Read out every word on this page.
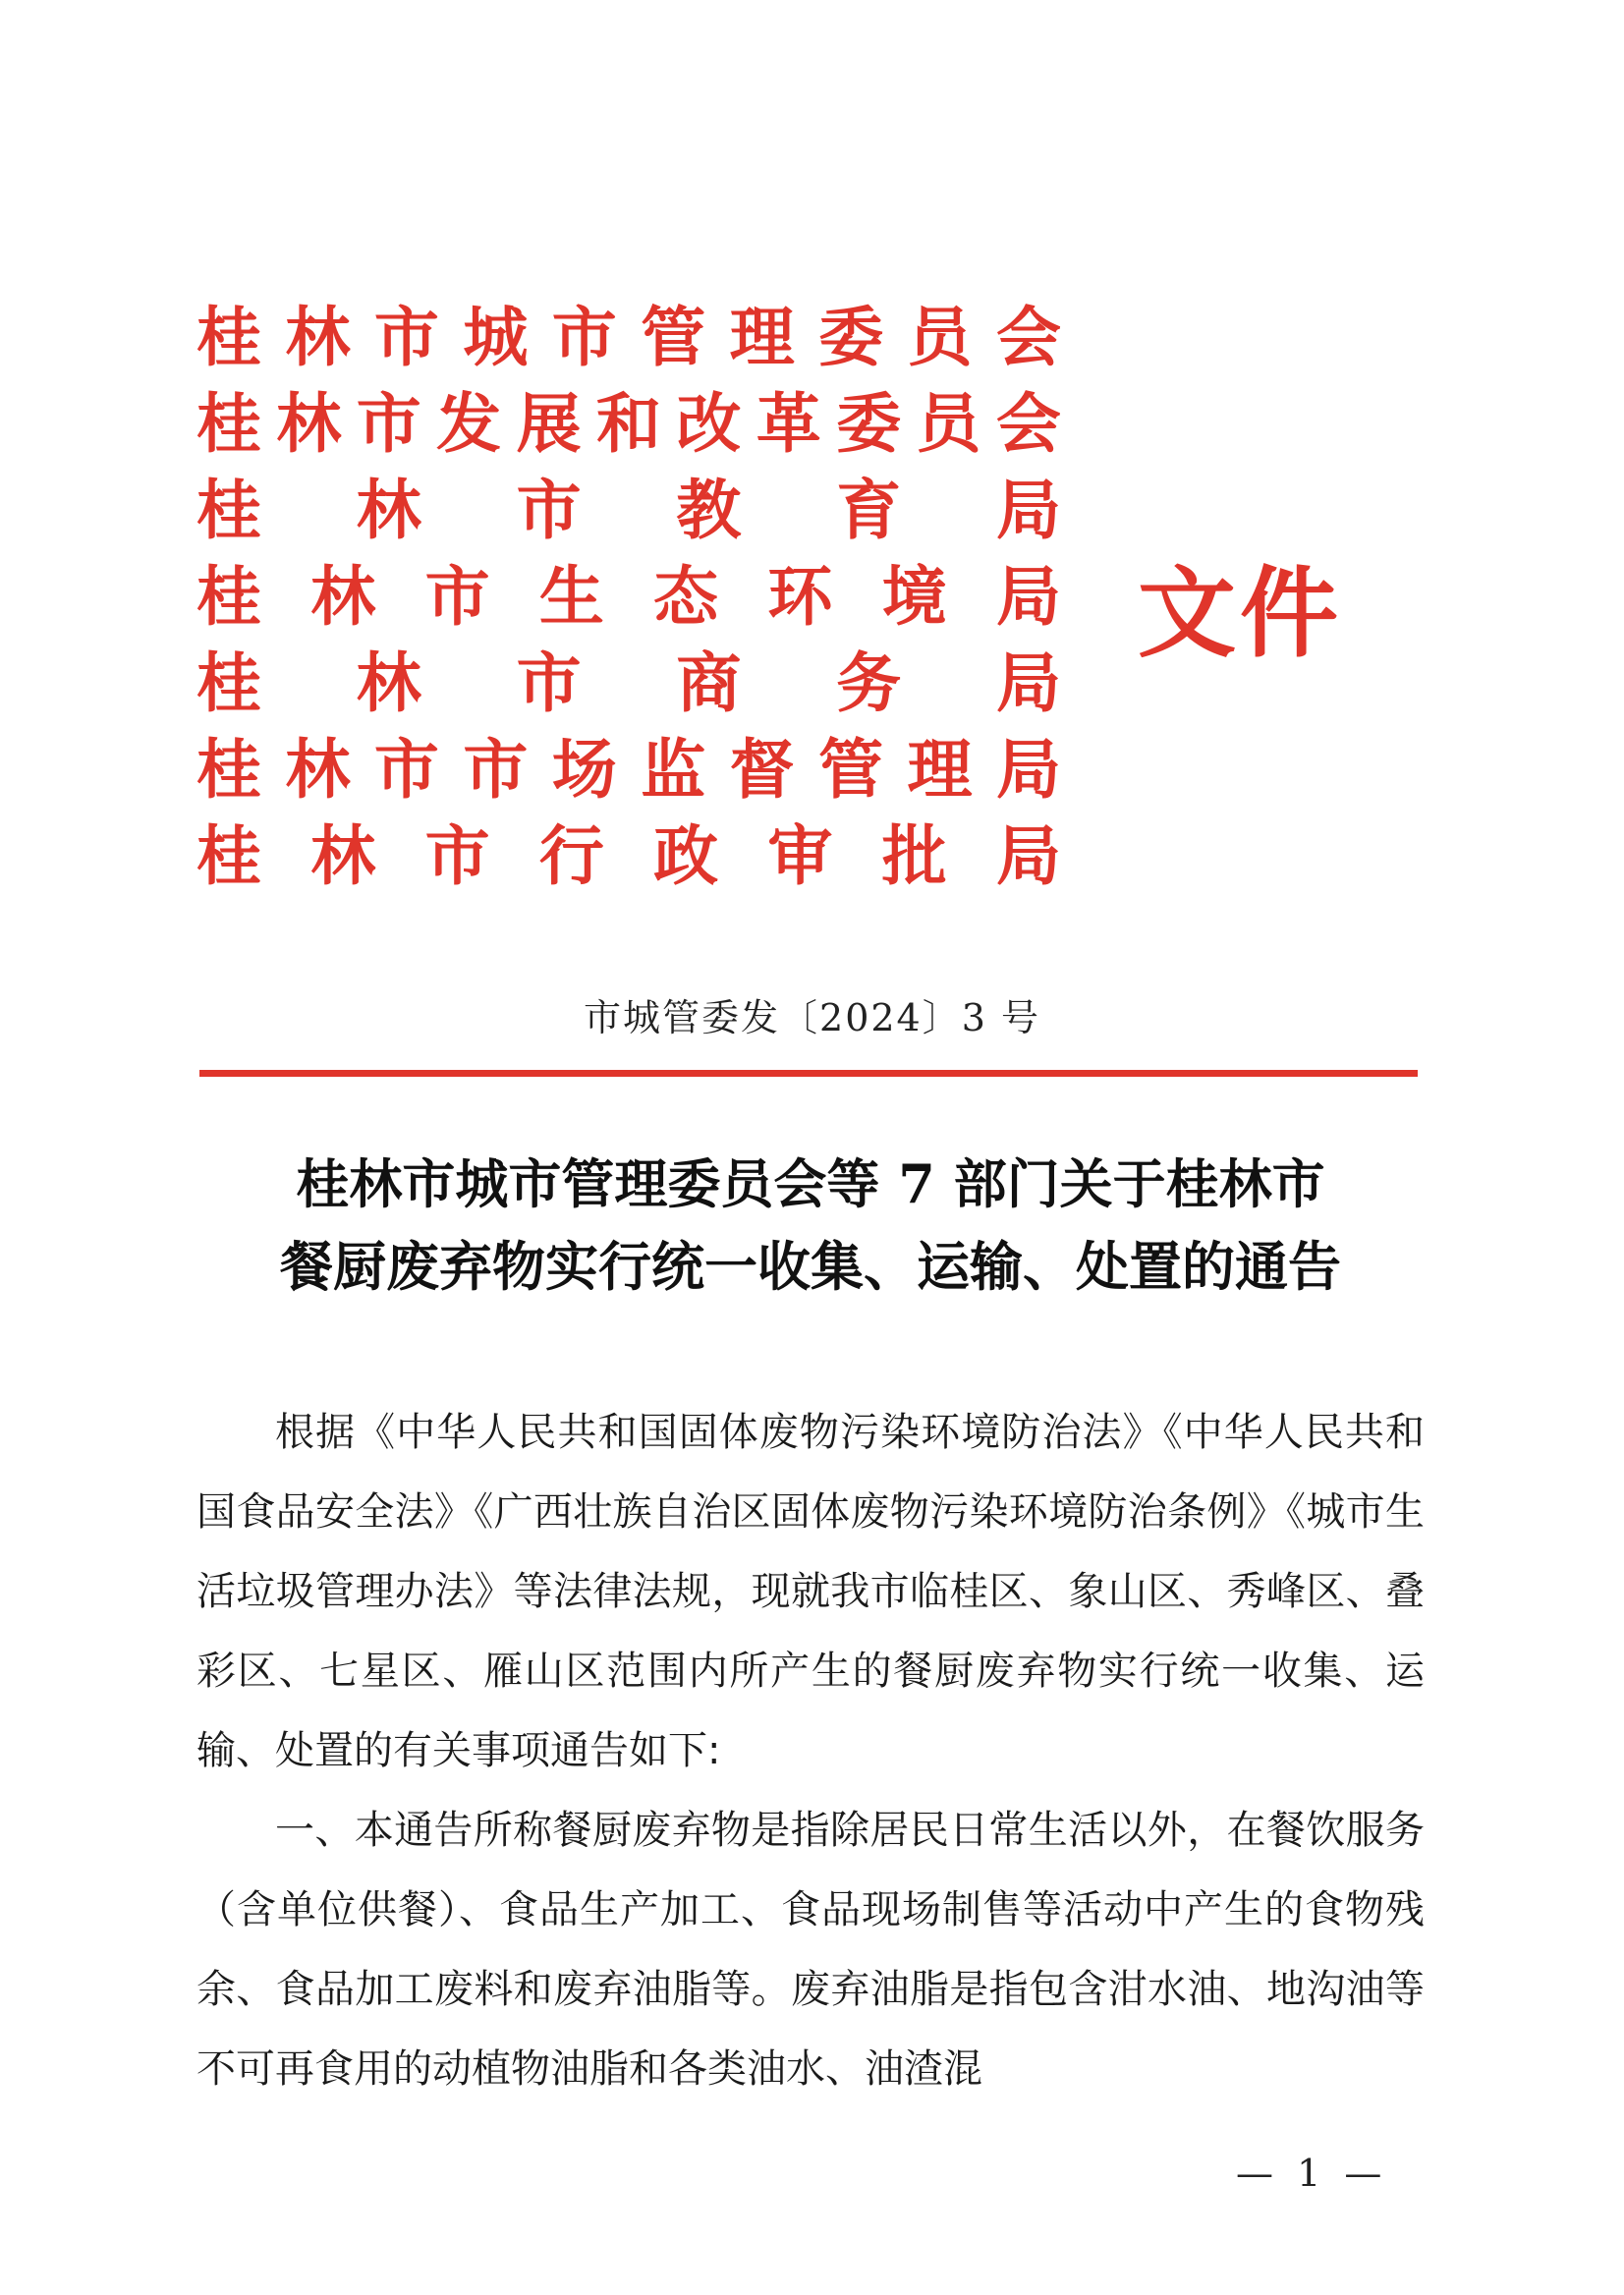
桂 林 市 城 市 管 理 委 员 会
桂 林 市 发 展 和 改 革 委 员 会
桂 林 市 教 育 局
桂 林 市 生 态 环 境 局
桂 林 市 商 务 局
桂 林 市 市 场 监 督 管 理 局
桂 林 市 行 政 审 批 局
文件
市城管委发〔2024〕3 号
桂林市城市管理委员会等 7 部门关于桂林市
餐厨废弃物实行统一收集、运输、处置的通告

根据《中华人民共和国固体废物污染环境防治法》《中华人民共和国食品安全法》《广西壮族自治区固体废物污染环境防治条例》《城市生活垃圾管理办法》等法律法规，现就我市临桂区、象山区、秀峰区、叠彩区、七星区、雁山区范围内所产生的餐厨废弃物实行统一收集、运输、处置的有关事项通告如下:

一、本通告所称餐厨废弃物是指除居民日常生活以外，在餐饮服务（含单位供餐）、食品生产加工、食品现场制售等活动中产生的食物残余、食品加工废料和废弃油脂等。废弃油脂是指包含泔水油、地沟油等不可再食用的动植物油脂和各类油水、油渣混

— 1 —
